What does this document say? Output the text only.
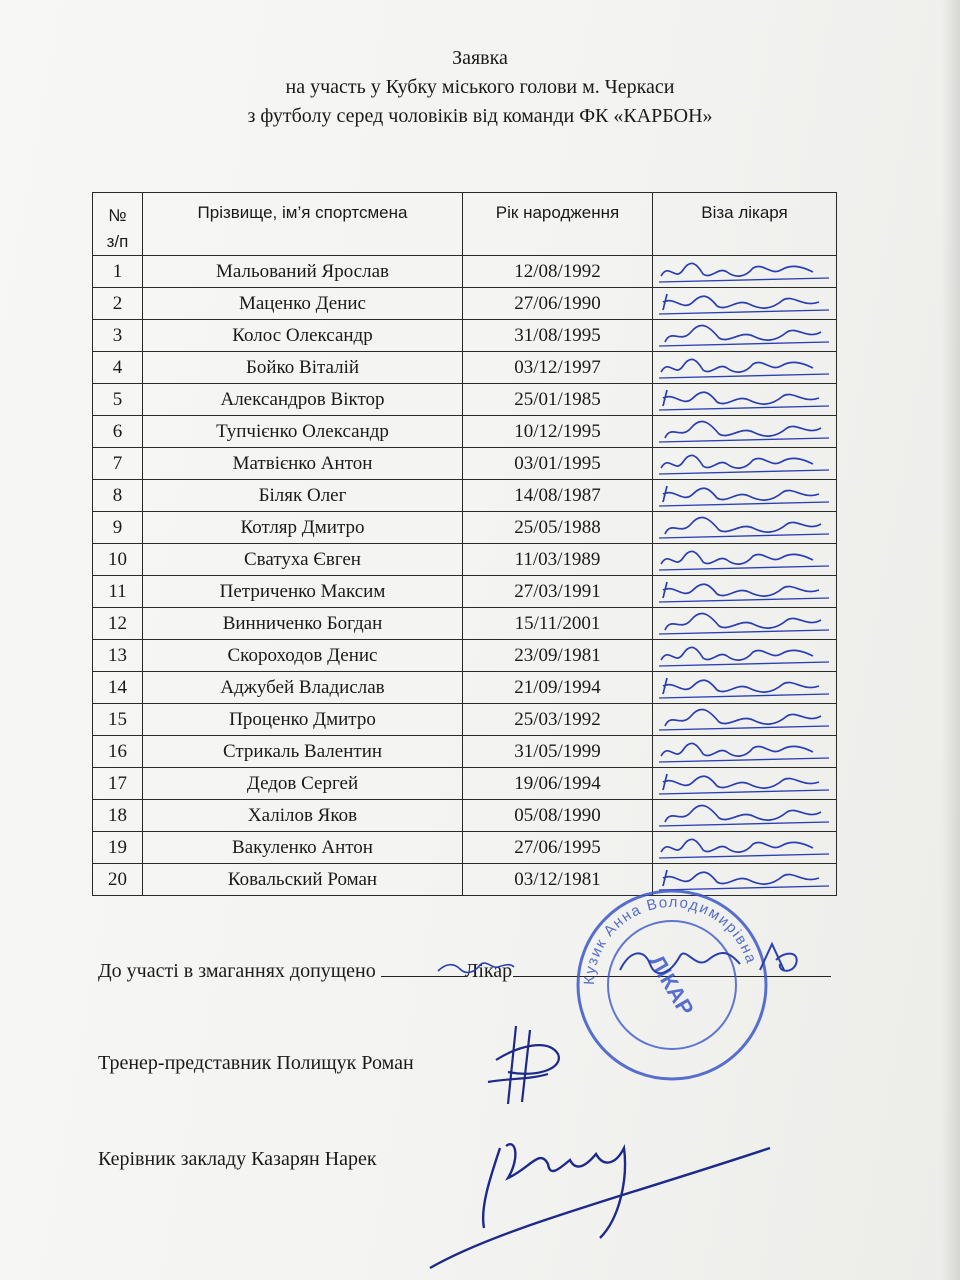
Заявка
на участь у Кубку міського голови м. Черкаси
з футболу серед чоловіків від команди ФК «КАРБОН»
№
з/п	Прізвище, ім’я спортсмена	Рік народження	Віза лікаря
1	Мальований Ярослав	12/08/1992	

2	Маценко Денис	27/06/1990	

3	Колос Олександр	31/08/1995	

4	Бойко Віталій	03/12/1997	

5	Александров Віктор	25/01/1985	

6	Тупчієнко Олександр	10/12/1995	

7	Матвієнко Антон	03/01/1995	

8	Біляк Олег	14/08/1987	

9	Котляр Дмитро	25/05/1988	

10	Сватуха Євген	11/03/1989	

11	Петриченко Максим	27/03/1991	

12	Винниченко Богдан	15/11/2001	

13	Скороходов Денис	23/09/1981	

14	Аджубей Владислав	21/09/1994	

15	Проценко Дмитро	25/03/1992	

16	Стрикаль Валентин	31/05/1999	

17	Дедов Сергей	19/06/1994	

18	Халілов Яков	05/08/1990	

19	Вакуленко Антон	27/06/1995	

20	Ковальский Роман	03/12/1981	
До участі в змаганнях допущено	Лікар
Тренер-представник Полищук Роман
Керівник закладу Казарян Нарек
Кузик Анна Володимирівна
ЛІКАР
